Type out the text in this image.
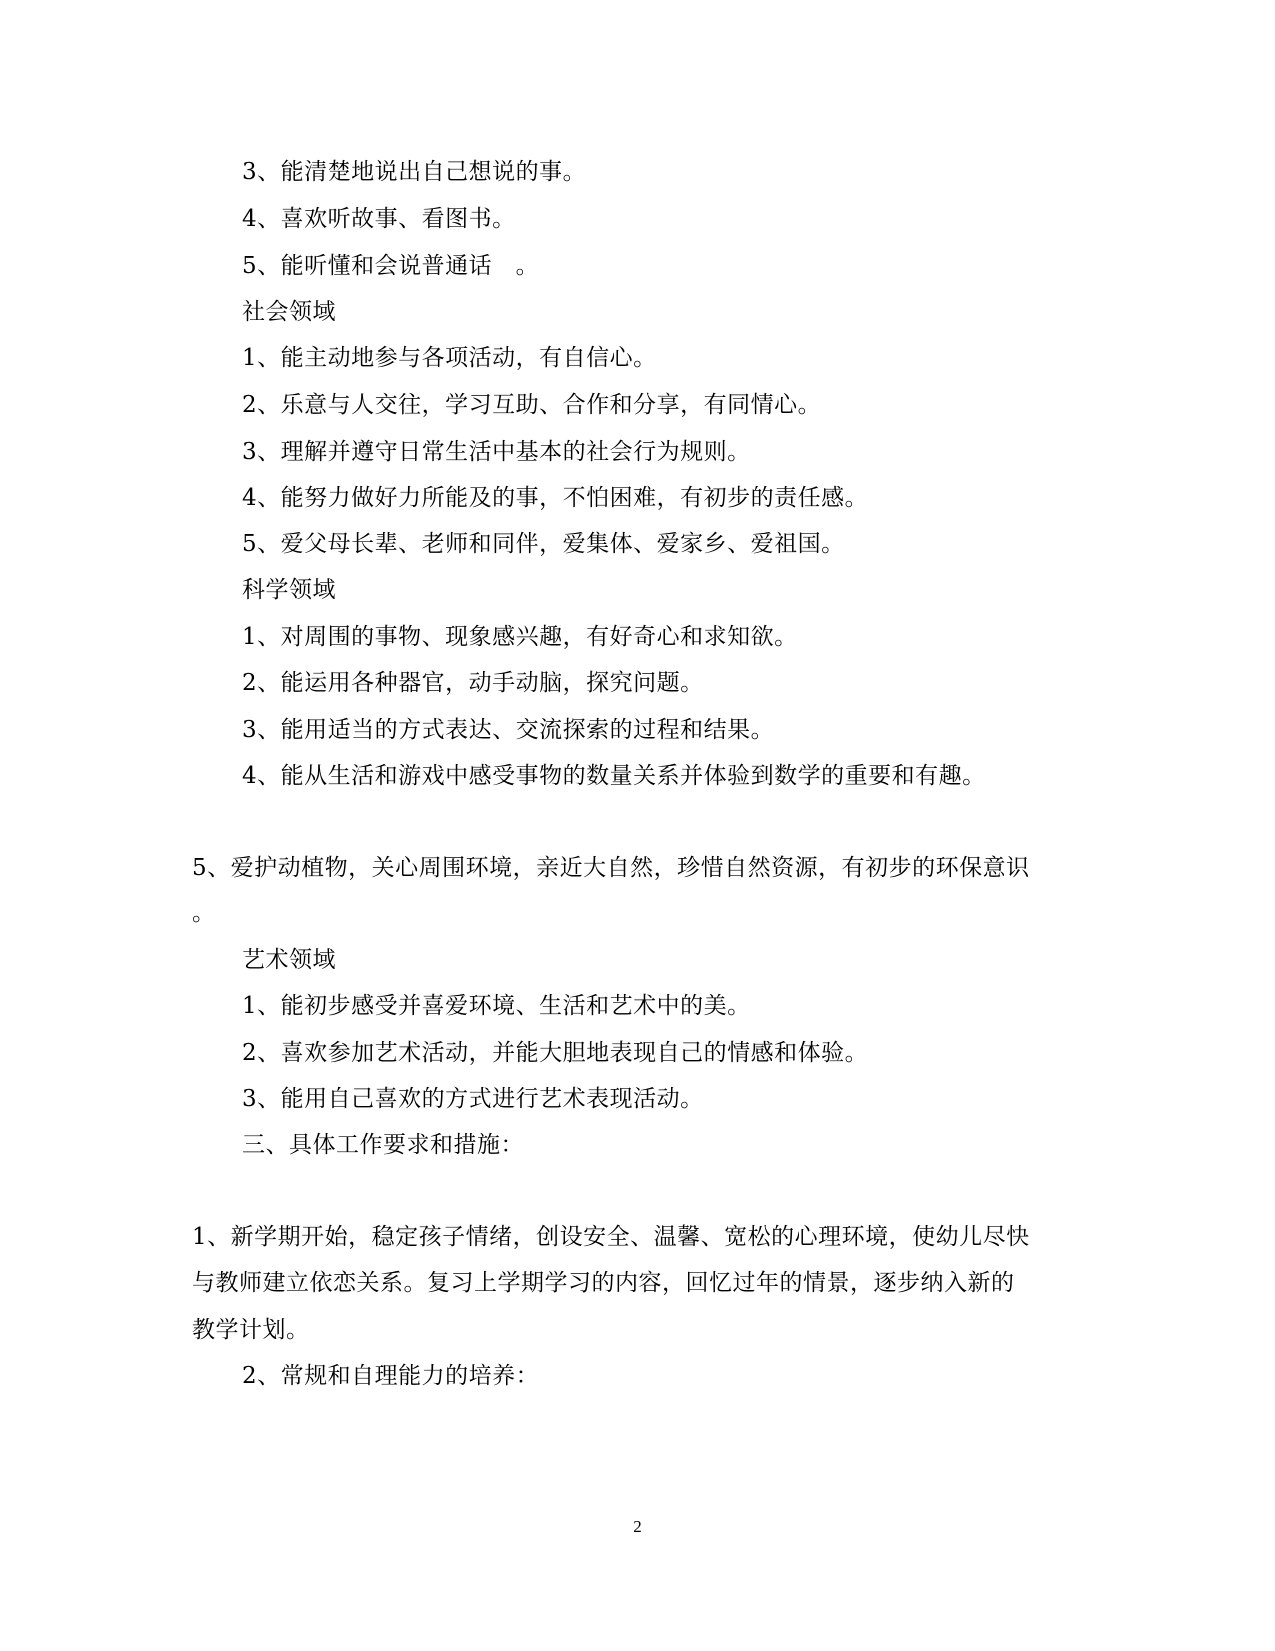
3、能清楚地说出自己想说的事。
4、喜欢听故事、看图书。
5、能听懂和会说普通话　。
社会领域
1、能主动地参与各项活动，有自信心。
2、乐意与人交往，学习互助、合作和分享，有同情心。
3、理解并遵守日常生活中基本的社会行为规则。
4、能努力做好力所能及的事，不怕困难，有初步的责任感。
5、爱父母长辈、老师和同伴，爱集体、爱家乡、爱祖国。
科学领域
1、对周围的事物、现象感兴趣，有好奇心和求知欲。
2、能运用各种器官，动手动脑，探究问题。
3、能用适当的方式表达、交流探索的过程和结果。
4、能从生活和游戏中感受事物的数量关系并体验到数学的重要和有趣。
5、爱护动植物，关心周围环境，亲近大自然，珍惜自然资源，有初步的环保意识
。
艺术领域
1、能初步感受并喜爱环境、生活和艺术中的美。
2、喜欢参加艺术活动，并能大胆地表现自己的情感和体验。
3、能用自己喜欢的方式进行艺术表现活动。
三、具体工作要求和措施：
1、新学期开始，稳定孩子情绪，创设安全、温馨、宽松的心理环境，使幼儿尽快
与教师建立依恋关系。复习上学期学习的内容，回忆过年的情景，逐步纳入新的
教学计划。
2、常规和自理能力的培养：
2
